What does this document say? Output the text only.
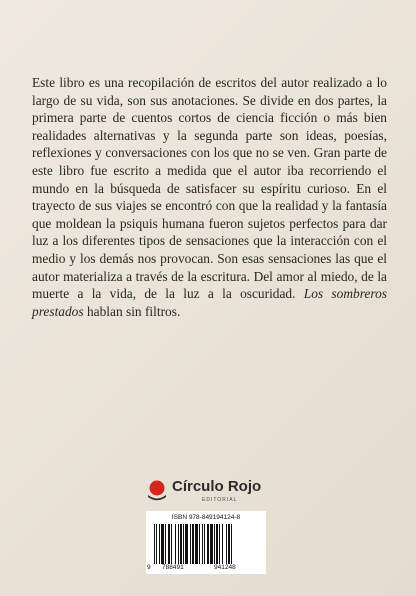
Este libro es una recopilación de escritos del autor realizado a lo largo de su vida, son sus anotaciones. Se divide en dos partes, la primera parte de cuentos cortos de ciencia ficción o más bien realidades alternativas y la segunda parte son ideas, poesías, reflexiones y conversaciones con los que no se ven. Gran parte de este libro fue escrito a medida que el autor iba recorriendo el mundo en la búsqueda de satisfacer su espíritu curioso. En el trayecto de sus viajes se encontró con que la realidad y la fantasía que moldean la psiquis humana fueron sujetos perfectos para dar luz a los diferentes tipos de sensaciones que la interacción con el medio y los demás nos provocan. Son esas sensaciones las que el autor materializa a través de la escritura. Del amor al miedo, de la muerte a la vida, de la luz a la oscuridad. Los sombreros prestados hablan sin filtros.

Círculo Rojo
EDITORIAL
ISBN 978-849194124-8
9 788491	941248
